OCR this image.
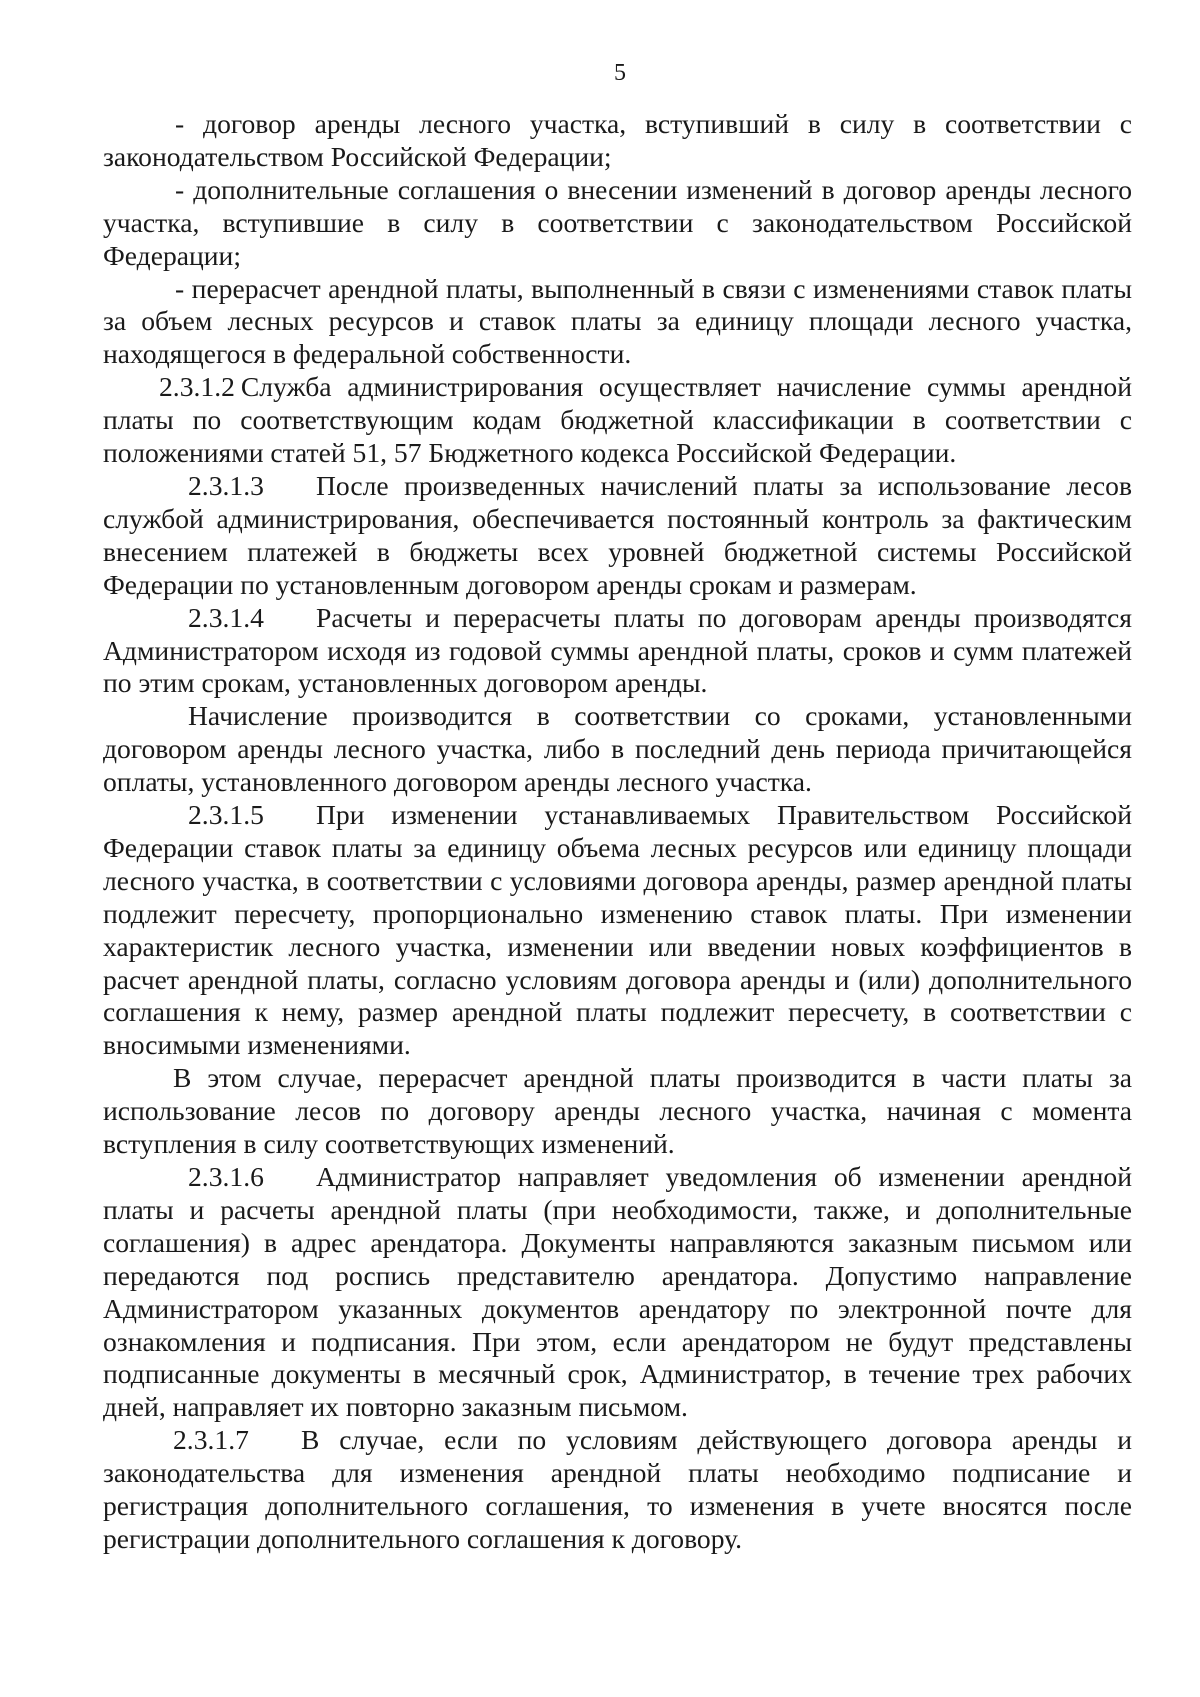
5

- договор аренды лесного участка, вступивший в силу в соответствии с законодательством Российской Федерации;

- дополнительные соглашения о внесении изменений в договор аренды лесного участка, вступившие в силу в соответствии с законодательством Российской Федерации;

- перерасчет арендной платы, выполненный в связи с изменениями ставок платы за объем лесных ресурсов и ставок платы за единицу площади лесного участка, находящегося в федеральной собственности.

2.3.1.2 Служба администрирования осуществляет начисление суммы арендной платы по соответствующим кодам бюджетной классификации в соответствии с положениями статей 51, 57 Бюджетного кодекса Российской Федерации.

2.3.1.3 После произведенных начислений платы за использование лесов службой администрирования, обеспечивается постоянный контроль за фактическим внесением платежей в бюджеты всех уровней бюджетной системы Российской Федерации по установленным договором аренды срокам и размерам.

2.3.1.4 Расчеты и перерасчеты платы по договорам аренды производятся Администратором исходя из годовой суммы арендной платы, сроков и сумм платежей по этим срокам, установленных договором аренды.

Начисление производится в соответствии со сроками, установленными договором аренды лесного участка, либо в последний день периода причитающейся оплаты, установленного договором аренды лесного участка.

2.3.1.5 При изменении устанавливаемых Правительством Российской Федерации ставок платы за единицу объема лесных ресурсов или единицу площади лесного участка, в соответствии с условиями договора аренды, размер арендной платы подлежит пересчету, пропорционально изменению ставок платы. При изменении характеристик лесного участка, изменении или введении новых коэффициентов в расчет арендной платы, согласно условиям договора аренды и (или) дополнительного соглашения к нему, размер арендной платы подлежит пересчету, в соответствии с вносимыми изменениями.

В этом случае, перерасчет арендной платы производится в части платы за использование лесов по договору аренды лесного участка, начиная с момента вступления в силу соответствующих изменений.

2.3.1.6 Администратор направляет уведомления об изменении арендной платы и расчеты арендной платы (при необходимости, также, и дополнительные соглашения) в адрес арендатора. Документы направляются заказным письмом или передаются под роспись представителю арендатора. Допустимо направление Администратором указанных документов арендатору по электронной почте для ознакомления и подписания. При этом, если арендатором не будут представлены подписанные документы в месячный срок, Администратор, в течение трех рабочих дней, направляет их повторно заказным письмом.

2.3.1.7 В случае, если по условиям действующего договора аренды и законодательства для изменения арендной платы необходимо подписание и регистрация дополнительного соглашения, то изменения в учете вносятся после регистрации дополнительного соглашения к договору.
